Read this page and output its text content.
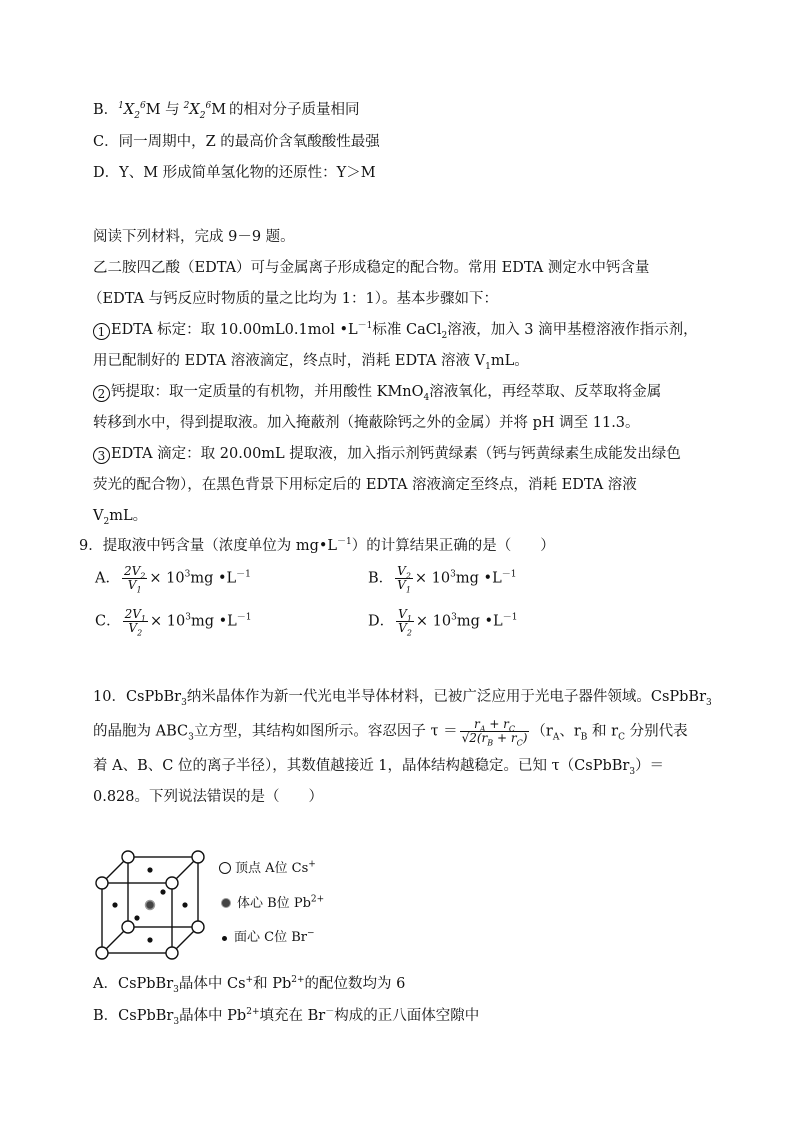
B．$^1X_2^6M$ 与 $^2X_2^6M$ 的相对分子质量相同
C．同一周期中，Z 的最高价含氧酸酸性最强
D．Y、M 形成简单氢化物的还原性：Y＞M
阅读下列材料，完成 9－9 题。
乙二胺四乙酸（EDTA）可与金属离子形成稳定的配合物。常用 EDTA 测定水中钙含量
（EDTA 与钙反应时物质的量之比均为 1：1）。基本步骤如下：
1 EDTA 标定：取 10.00mL0.1mol $•L^{-1}$标准 CaCl$_2$溶液，加入 3 滴甲基橙溶液作指示剂，
用已配制好的 EDTA 溶液滴定，终点时，消耗 EDTA 溶液 $V_1mL$。
2 钙提取：取一定质量的有机物，并用酸性 KMnO$_4$溶液氧化，再经萃取、反萃取将金属
转移到水中，得到提取液。加入掩蔽剂（掩蔽除钙之外的金属）并将 pH 调至 11.3。
3 EDTA 滴定：取 20.00mL 提取液，加入指示剂钙黄绿素（钙与钙黄绿素生成能发出绿色
荧光的配合物），在黑色背景下用标定后的 EDTA 溶液滴定至终点，消耗 EDTA 溶液
$V_2mL$。
9．提取液中钙含量（浓度单位为 $mg•L^{-1}$）的计算结果正确的是（　　）
A． $\frac{2V_2}{V_1} \times 10^3mg$ $•L^{-1}$	B． $\frac{V_2}{V_1} \times 10^3mg$ $•L^{-1}$
C． $\frac{2V_1}{V_2} \times 10^3mg$ $•L^{-1}$	D． $\frac{V_1}{V_2} \times 10^3mg$ $•L^{-1}$
10．CsPbBr$_3$纳米晶体作为新一代光电半导体材料，已被广泛应用于光电子器件领域。CsPbBr$_3$
的晶胞为 $ABC_3$立方型，其结构如图所示。容忍因子 $\tau = \frac{r_A + r_C}{√2(r_B + r_C)} (r_A$、$r_B$ 和 $r_C$ 分别代表
着 A、B、C 位的离子半径），其数值越接近 1，晶体结构越稳定。已知 τ（CsPbBr$_3$）＝
0.828。下列说法错误的是（　　）
顶点 A位 Cs+
体心 B位 $Pb^{2+}$
面心 C位 Br−
A．CsPbBr$_3$晶体中 Cs+和 $Pb^{2+}$的配位数均为 6
B．CsPbBr$_3$晶体中 $Pb^{2+}$填充在 Br－构成的正八面体空隙中
